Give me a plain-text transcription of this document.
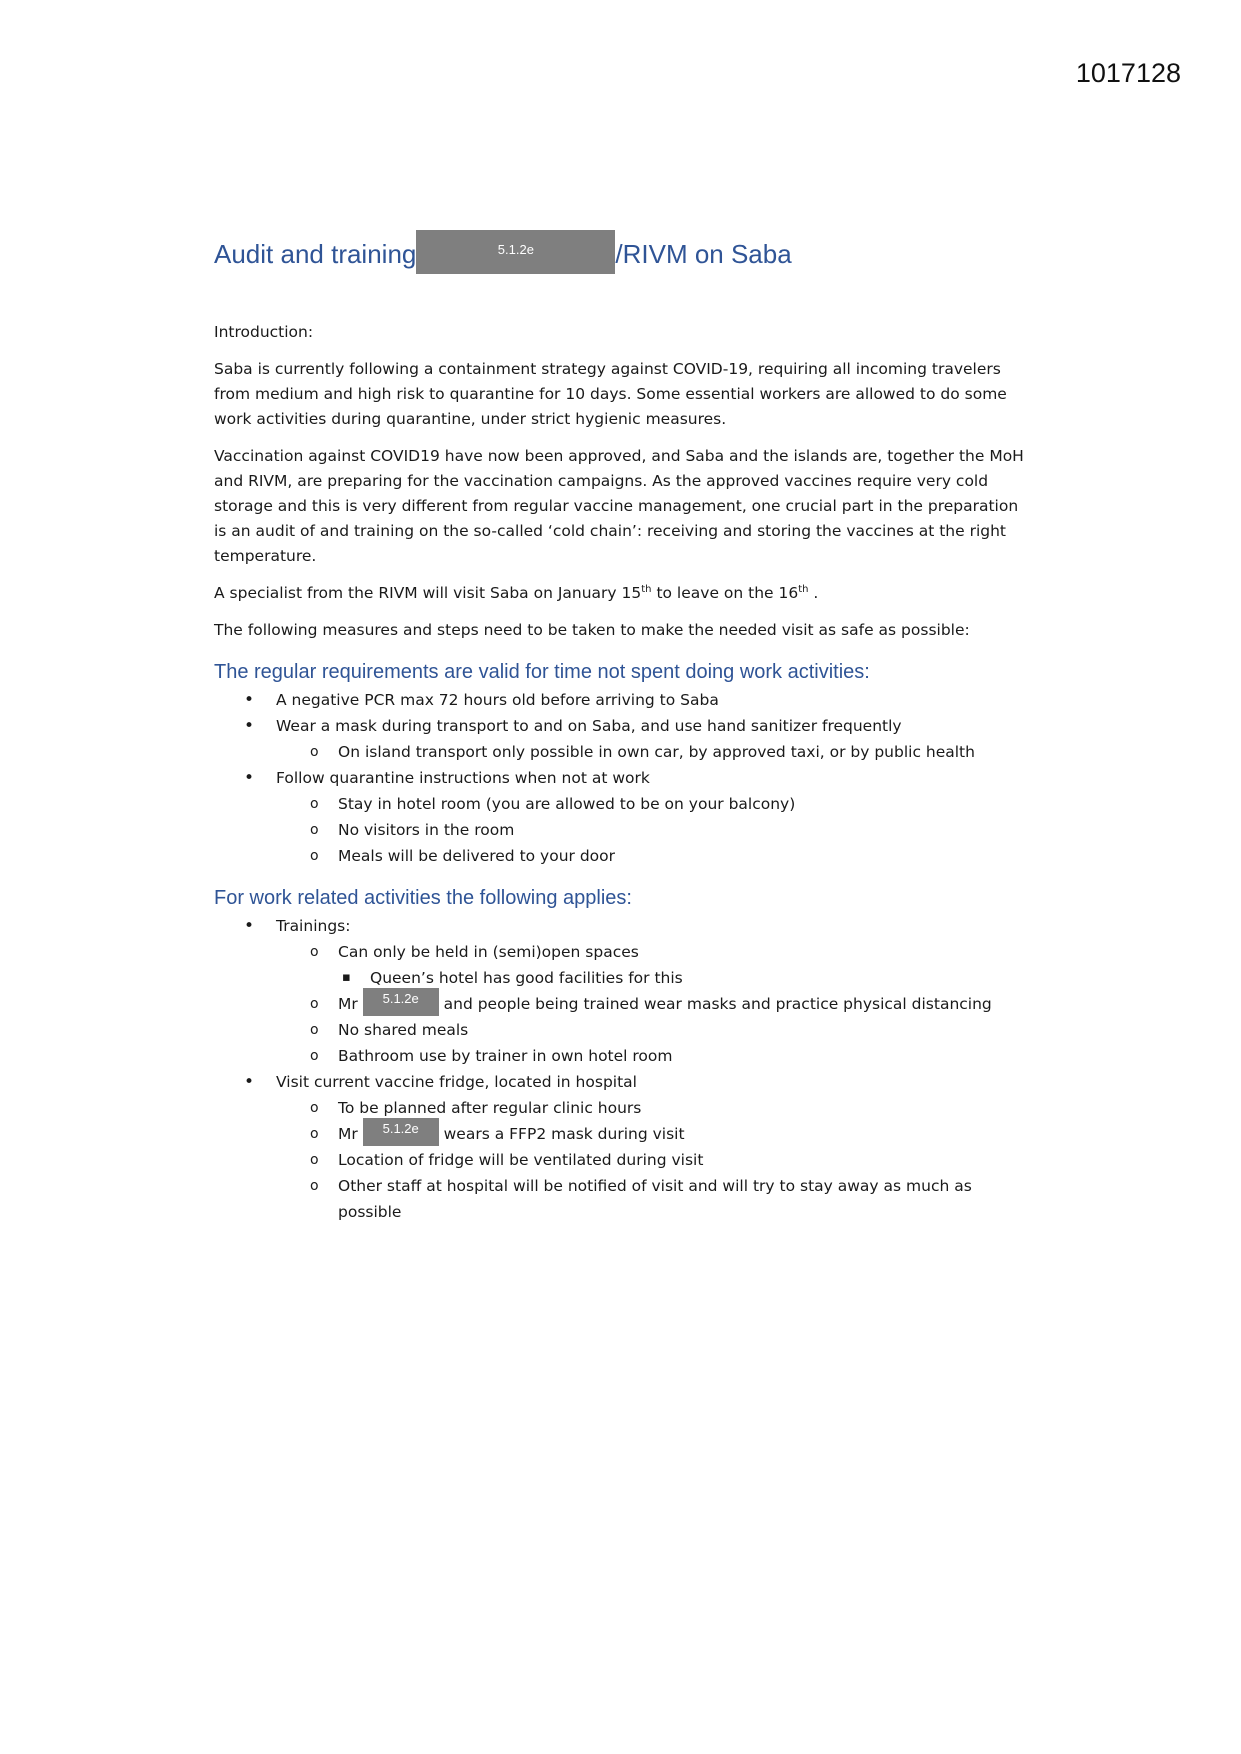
1017128
Audit and training	5.1.2e	/RIVM on Saba

Introduction:

Saba is currently following a containment strategy against COVID-19, requiring all incoming travelers from medium and high risk to quarantine for 10 days. Some essential workers are allowed to do some work activities during quarantine, under strict hygienic measures.

Vaccination against COVID19 have now been approved, and Saba and the islands are, together the MoH and RIVM, are preparing for the vaccination campaigns. As the approved vaccines require very cold storage and this is very different from regular vaccine management, one crucial part in the preparation is an audit of and training on the so-called ‘cold chain’: receiving and storing the vaccines at the right temperature.

A specialist from the RIVM will visit Saba on January 15th to leave on the 16th .

The following measures and steps need to be taken to make the needed visit as safe as possible:

The regular requirements are valid for time not spent doing work activities:
• A negative PCR max 72 hours old before arriving to Saba
• Wear a mask during transport to and on Saba, and use hand sanitizer frequently
o On island transport only possible in own car, by approved taxi, or by public health
• Follow quarantine instructions when not at work
o Stay in hotel room (you are allowed to be on your balcony)
o No visitors in the room
o Meals will be delivered to your door
For work related activities the following applies:
• Trainings:
o Can only be held in (semi)open spaces
▪ Queen’s hotel has good facilities for this
o Mr 5.1.2e and people being trained wear masks and practice physical distancing
o No shared meals
o Bathroom use by trainer in own hotel room
• Visit current vaccine fridge, located in hospital
o To be planned after regular clinic hours
o Mr 5.1.2e wears a FFP2 mask during visit
o Location of fridge will be ventilated during visit
o Other staff at hospital will be notified of visit and will try to stay away as much as possible
